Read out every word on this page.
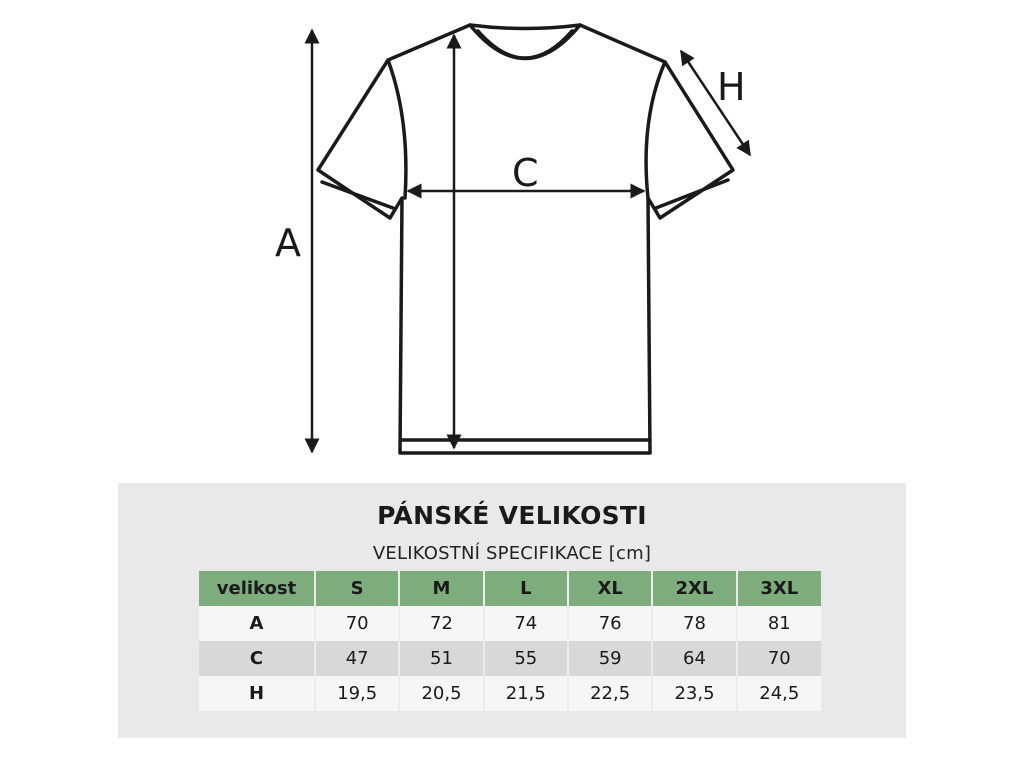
A
C
H
PÁNSKÉ VELIKOSTI
VELIKOSTNÍ SPECIFIKACE [cm]
velikost	S	M	L	XL	2XL	3XL
A	70	72	74	76	78	81
C	47	51	55	59	64	70
H	19,5	20,5	21,5	22,5	23,5	24,5
